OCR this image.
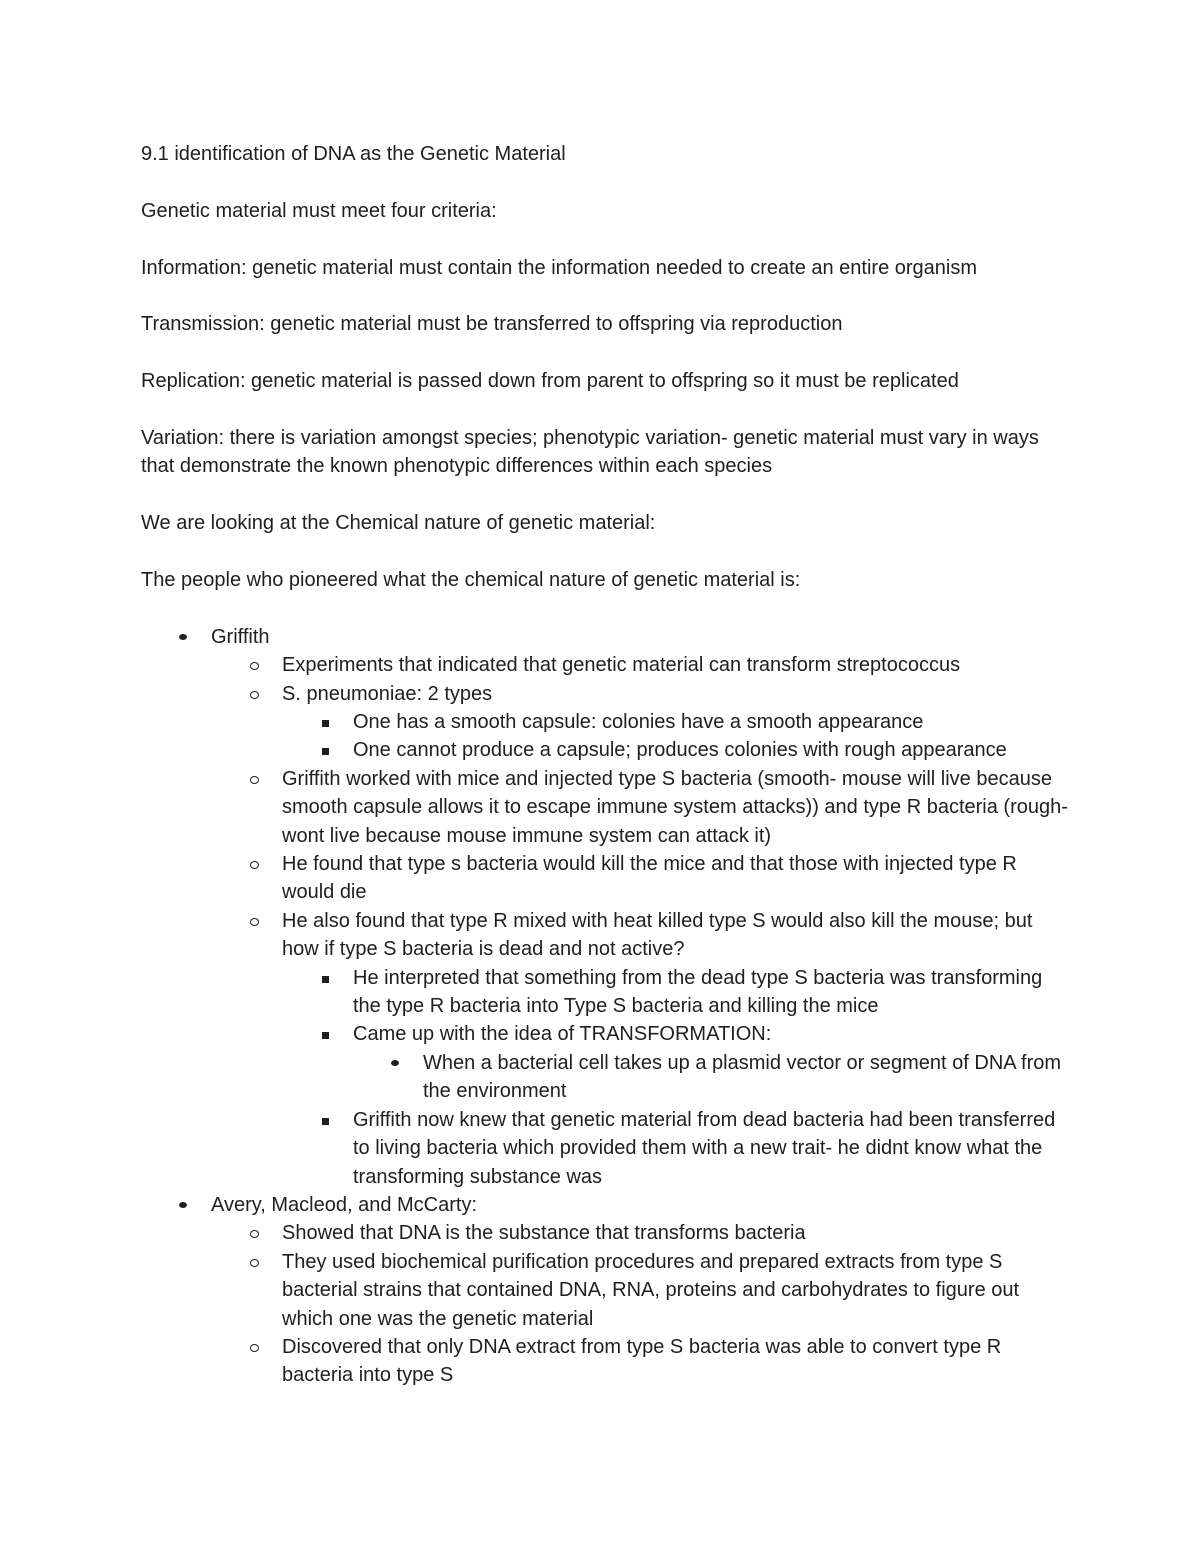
9.1 identification of DNA as the Genetic Material

Genetic material must meet four criteria:

Information: genetic material must contain the information needed to create an entire organism

Transmission: genetic material must be transferred to offspring via reproduction

Replication: genetic material is passed down from parent to offspring so it must be replicated

Variation: there is variation amongst species; phenotypic variation- genetic material must vary in ways that demonstrate the known phenotypic differences within each species

We are looking at the Chemical nature of genetic material:

The people who pioneered what the chemical nature of genetic material is:

Griffith
Experiments that indicated that genetic material can transform streptococcus
S. pneumoniae: 2 types
One has a smooth capsule: colonies have a smooth appearance
One cannot produce a capsule; produces colonies with rough appearance
Griffith worked with mice and injected type S bacteria (smooth- mouse will live because smooth capsule allows it to escape immune system attacks)) and type R bacteria (rough- wont live because mouse immune system can attack it)
He found that type s bacteria would kill the mice and that those with injected type R would die
He also found that type R mixed with heat killed type S would also kill the mouse; but how if type S bacteria is dead and not active?
He interpreted that something from the dead type S bacteria was transforming the type R bacteria into Type S bacteria and killing the mice
Came up with the idea of TRANSFORMATION:
When a bacterial cell takes up a plasmid vector or segment of DNA from the environment
Griffith now knew that genetic material from dead bacteria had been transferred to living bacteria which provided them with a new trait- he didnt know what the transforming substance was
Avery, Macleod, and McCarty:
Showed that DNA is the substance that transforms bacteria
They used biochemical purification procedures and prepared extracts from type S bacterial strains that contained DNA, RNA, proteins and carbohydrates to figure out which one was the genetic material
Discovered that only DNA extract from type S bacteria was able to convert type R bacteria into type S
